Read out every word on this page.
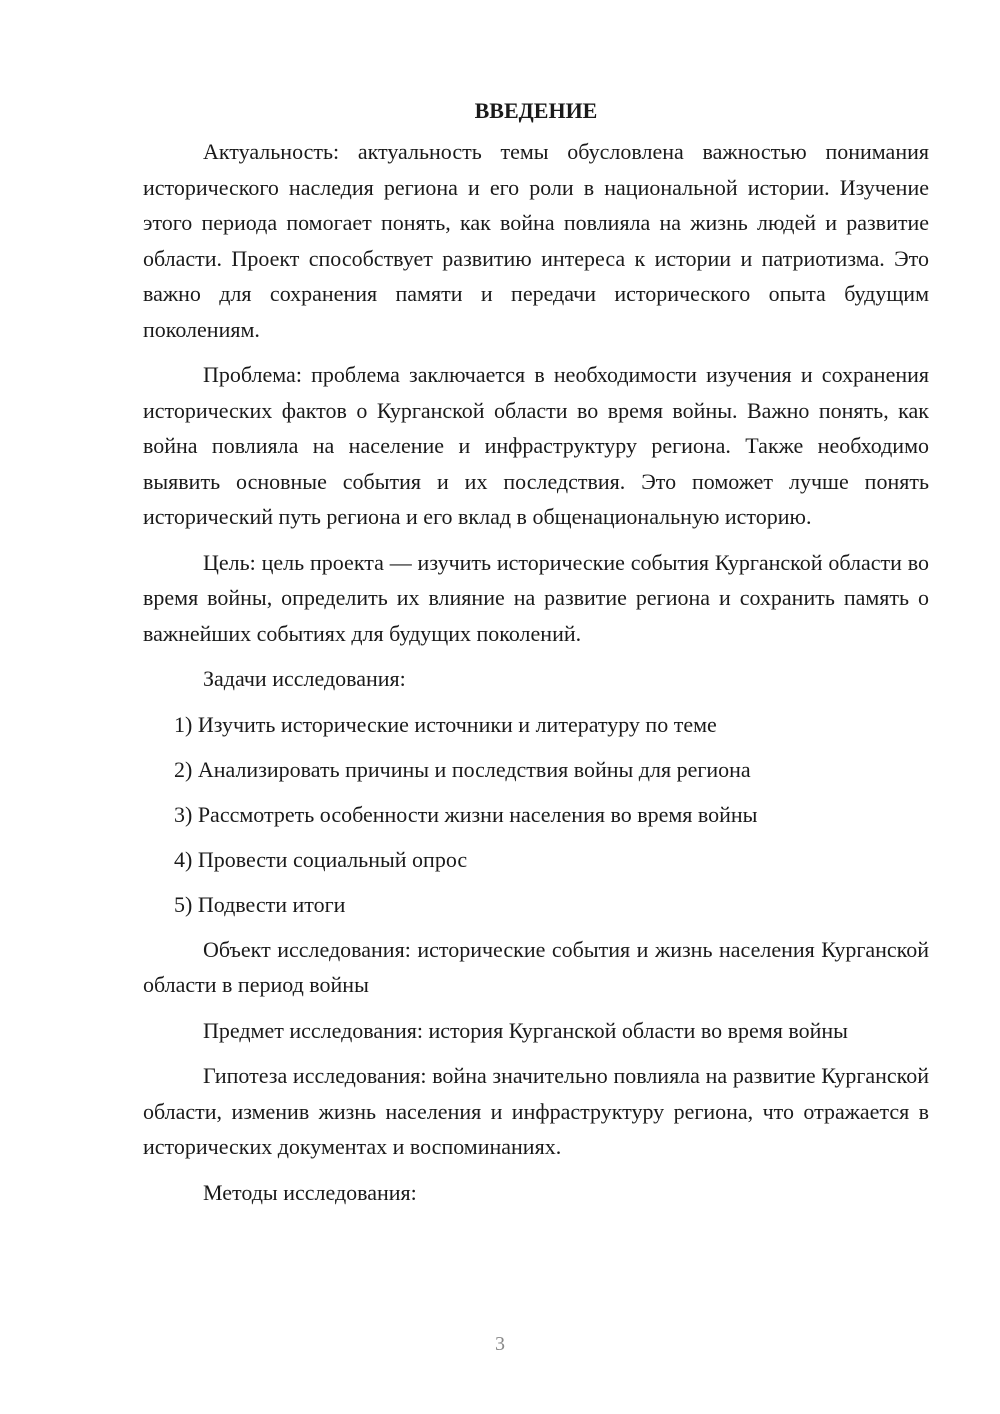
ВВЕДЕНИЕ

Актуальность: актуальность темы обусловлена важностью понимания исторического наследия региона и его роли в национальной истории. Изучение этого периода помогает понять, как война повлияла на жизнь людей и развитие области. Проект способствует развитию интереса к истории и патриотизма. Это важно для сохранения памяти и передачи исторического опыта будущим поколениям.

Проблема: проблема заключается в необходимости изучения и сохранения исторических фактов о Курганской области во время войны. Важно понять, как война повлияла на население и инфраструктуру региона. Также необходимо выявить основные события и их последствия. Это поможет лучше понять исторический путь региона и его вклад в общенациональную историю.

Цель: цель проекта — изучить исторические события Курганской области во время войны, определить их влияние на развитие региона и сохранить память о важнейших событиях для будущих поколений.

Задачи исследования:

1) Изучить исторические источники и литературу по теме
2) Анализировать причины и последствия войны для региона
3) Рассмотреть особенности жизни населения во время войны
4) Провести социальный опрос
5) Подвести итоги

Объект исследования: исторические события и жизнь населения Курганской области в период войны

Предмет исследования: история Курганской области во время войны

Гипотеза исследования: война значительно повлияла на развитие Курганской области, изменив жизнь населения и инфраструктуру региона, что отражается в исторических документах и воспоминаниях.

Методы исследования:

3
